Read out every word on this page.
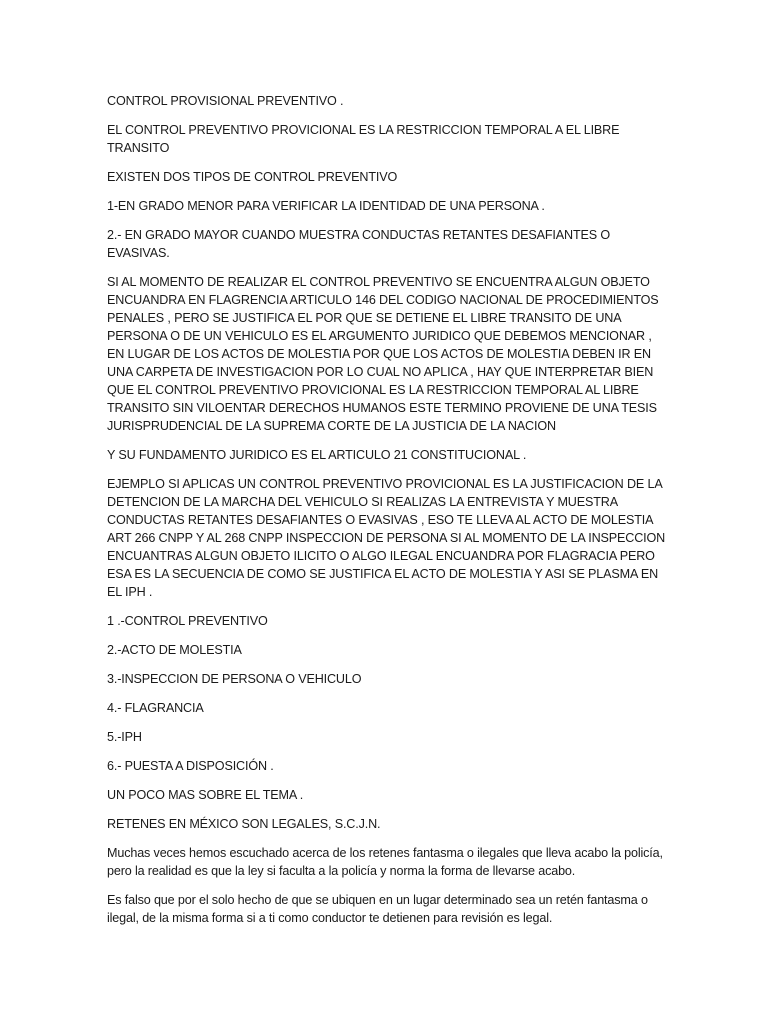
CONTROL PROVISIONAL PREVENTIVO .

EL CONTROL PREVENTIVO PROVICIONAL ES LA RESTRICCION TEMPORAL A EL LIBRE TRANSITO

EXISTEN DOS TIPOS DE CONTROL PREVENTIVO

1-EN GRADO MENOR PARA VERIFICAR LA IDENTIDAD DE UNA PERSONA .

2.- EN GRADO MAYOR CUANDO MUESTRA CONDUCTAS RETANTES DESAFIANTES O EVASIVAS.

SI AL MOMENTO DE REALIZAR EL CONTROL PREVENTIVO SE ENCUENTRA ALGUN OBJETO ENCUANDRA EN FLAGRENCIA ARTICULO 146 DEL CODIGO NACIONAL DE PROCEDIMIENTOS PENALES , PERO SE JUSTIFICA EL POR QUE SE DETIENE EL LIBRE TRANSITO DE UNA PERSONA O DE UN VEHICULO ES EL ARGUMENTO JURIDICO QUE DEBEMOS MENCIONAR , EN LUGAR DE LOS ACTOS DE MOLESTIA POR QUE LOS ACTOS DE MOLESTIA DEBEN IR EN UNA CARPETA DE INVESTIGACION POR LO CUAL NO APLICA , HAY QUE INTERPRETAR BIEN QUE EL CONTROL PREVENTIVO PROVICIONAL ES LA RESTRICCION TEMPORAL AL LIBRE TRANSITO SIN VILOENTAR DERECHOS HUMANOS ESTE TERMINO PROVIENE DE UNA TESIS JURISPRUDENCIAL DE LA SUPREMA CORTE DE LA JUSTICIA DE LA NACION

Y SU FUNDAMENTO JURIDICO ES EL ARTICULO 21 CONSTITUCIONAL .

EJEMPLO SI APLICAS UN CONTROL PREVENTIVO PROVICIONAL ES LA JUSTIFICACION DE LA DETENCION DE LA MARCHA DEL VEHICULO SI REALIZAS LA ENTREVISTA Y MUESTRA CONDUCTAS RETANTES DESAFIANTES O EVASIVAS , ESO TE LLEVA AL ACTO DE MOLESTIA ART 266 CNPP Y AL 268 CNPP INSPECCION DE PERSONA SI AL MOMENTO DE LA INSPECCION ENCUANTRAS ALGUN OBJETO ILICITO O ALGO ILEGAL ENCUANDRA POR FLAGRACIA PERO ESA ES LA SECUENCIA DE COMO SE JUSTIFICA EL ACTO DE MOLESTIA Y ASI SE PLASMA EN EL IPH .

1 .-CONTROL PREVENTIVO

2.-ACTO DE MOLESTIA

3.-INSPECCION DE PERSONA O VEHICULO

4.- FLAGRANCIA

5.-IPH

6.- PUESTA A DISPOSICIÓN .

UN POCO MAS SOBRE EL TEMA .

RETENES EN MÉXICO SON LEGALES, S.C.J.N.

Muchas veces hemos escuchado acerca de los retenes fantasma o ilegales que lleva acabo la policía, pero la realidad es que la ley si faculta a la policía y norma la forma de llevarse acabo.

Es falso que por el solo hecho de que se ubiquen en un lugar determinado sea un retén fantasma o ilegal, de la misma forma si a ti como conductor te detienen para revisión es legal.
